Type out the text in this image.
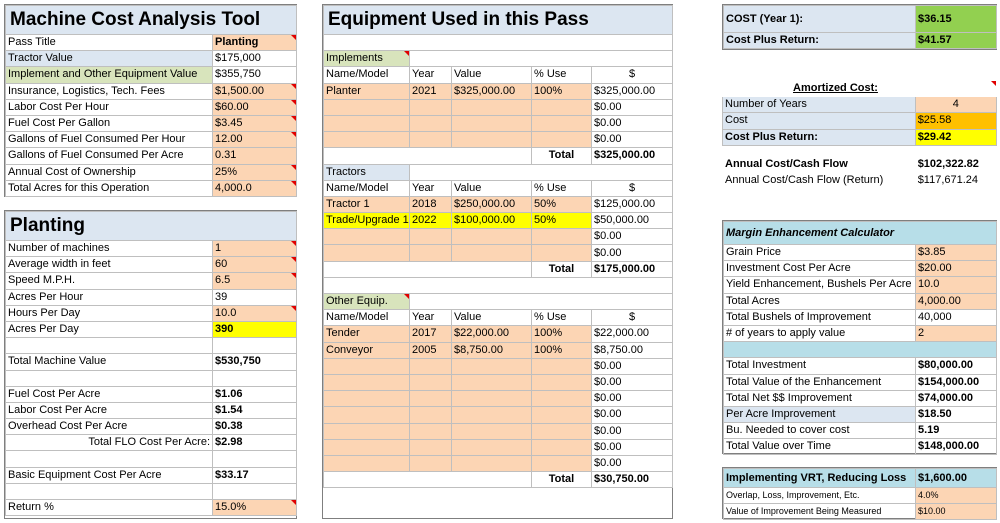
Machine Cost Analysis Tool	
Pass Title	Planting
Tractor Value	$175,000
Implement and Other Equipment Value	$355,750
Insurance, Logistics, Tech. Fees	$1,500.00
Labor Cost Per Hour	$60.00
Fuel Cost Per Gallon	$3.45
Gallons of Fuel Consumed Per Hour	12.00
Gallons of Fuel Consumed Per Acre	0.31
Annual Cost of Ownership	25%
Total Acres for this Operation	4,000.0
Planting	
Number of machines	1
Average width in feet	60
Speed M.P.H.	6.5
Acres Per Hour	39
Hours Per Day	10.0
Acres Per Day	390

Total Machine Value	$530,750

Fuel Cost Per Acre	$1.06
Labor Cost Per Acre	$1.54
Overhead Cost Per Acre	$0.38
Total FLO Cost Per Acre:	$2.98

Basic Equipment Cost Per Acre	$33.17

Return %	15.0%
Equipment Used in this Pass				

Implements				
Name/Model	Year	Value	% Use	$
Planter	2021	$325,000.00	100%	$325,000.00
				$0.00
				$0.00
				$0.00
			Total	$325,000.00
Tractors				
Name/Model	Year	Value	% Use	$
Tractor 1	2018	$250,000.00	50%	$125,000.00
Trade/Upgrade 1	2022	$100,000.00	50%	$50,000.00
				$0.00
				$0.00
			Total	$175,000.00

Other Equip.				
Name/Model	Year	Value	% Use	$
Tender	2017	$22,000.00	100%	$22,000.00
Conveyor	2005	$8,750.00	100%	$8,750.00
				$0.00
				$0.00
				$0.00
				$0.00
				$0.00
				$0.00
				$0.00
			Total	$30,750.00
COST (Year 1):	$36.15
Cost Plus Return:	$41.57
Amortized Cost:	
Number of Years	4
Cost	$25.58
Cost Plus Return:	$29.42

Annual Cost/Cash Flow	$102,322.82
Annual Cost/Cash Flow (Return)	$117,671.24
Margin Enhancement Calculator	
Grain Price	$3.85
Investment Cost Per Acre	$20.00
Yield Enhancement, Bushels Per Acre	10.0
Total Acres	4,000.00
Total Bushels of Improvement	40,000
# of years to apply value	2

Total Investment	$80,000.00
Total Value of the Enhancement	$154,000.00
Total Net $$ Improvement	$74,000.00
Per Acre Improvement	$18.50
Bu. Needed to cover cost	5.19
Total Value over Time	$148,000.00
Implementing VRT, Reducing Loss	$1,600.00
Overlap, Loss, Improvement, Etc.	4.0%
Value of Improvement Being Measured	$10.00
